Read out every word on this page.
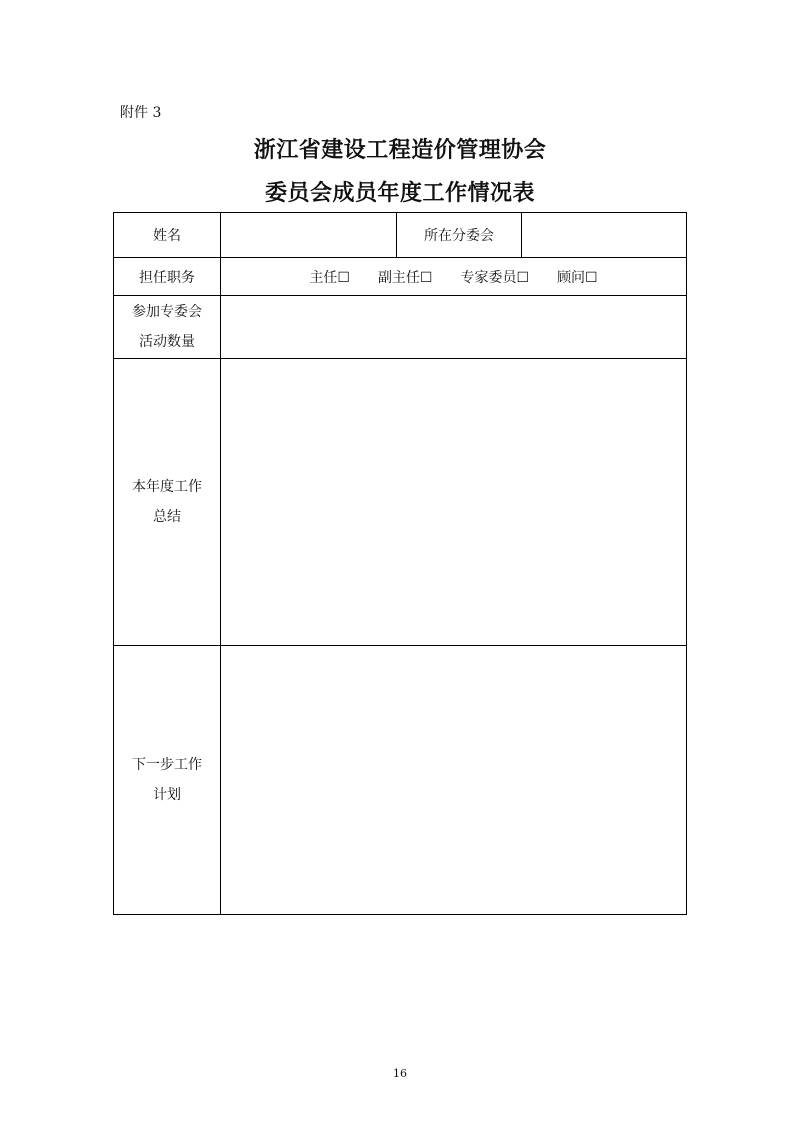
附件 3
浙江省建设工程造价管理协会
委员会成员年度工作情况表
姓名		所在分委会	
担任职务	主任☐ 副主任☐ 专家委员☐ 顾问☐		

参加专委会
活动数量			

本年度工作
总结			

下一步工作
计划			

16
